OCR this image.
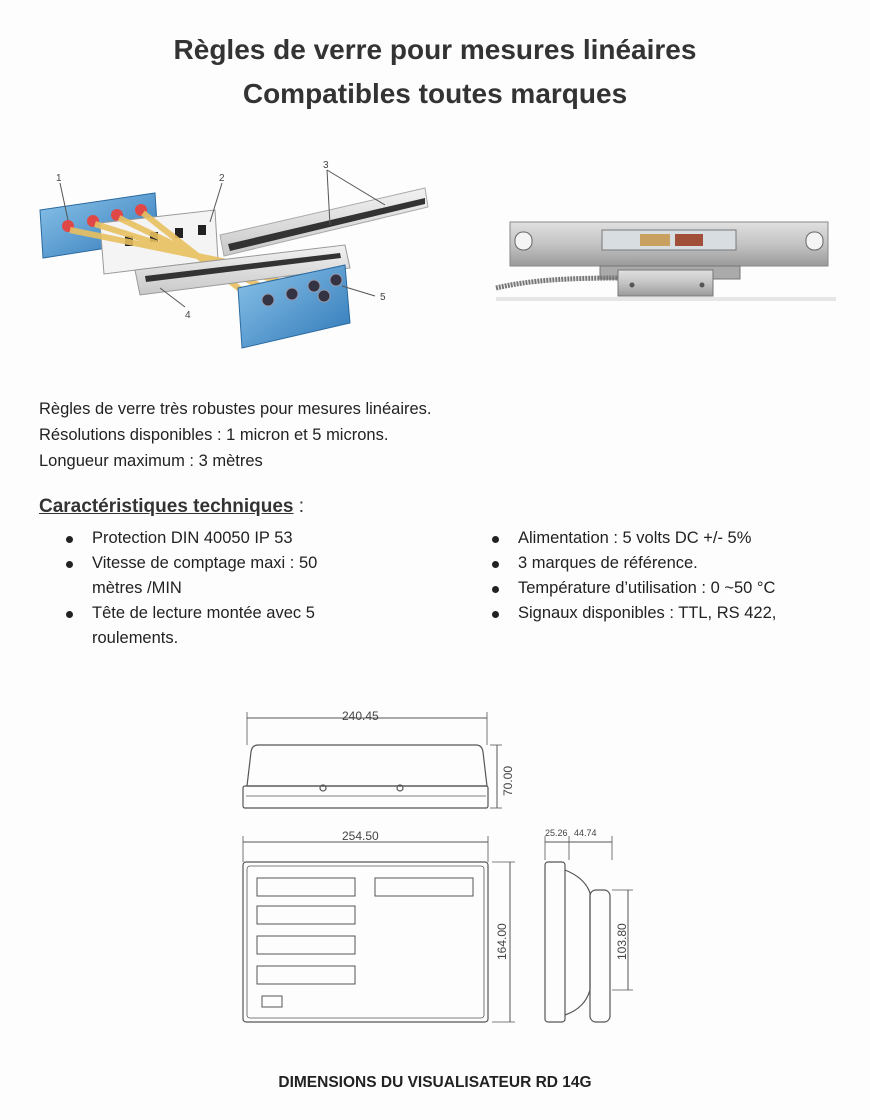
Règles de verre pour mesures linéaires
Compatibles toutes marques
1	2
3
4
5
240.45
70.00
254.50
164.00
25.26 44.74
103.80
Règles de verre très robustes pour mesures linéaires.
Résolutions disponibles : 1 micron et 5 microns.
Longueur maximum : 3 mètres
Caractéristiques techniques :
Protection DIN 40050 IP 53
Vitesse de comptage maxi : 50 mètres /MIN
Tête de lecture montée avec 5 roulements.
Alimentation : 5 volts DC +/- 5%
3 marques de référence.
Température d’utilisation : 0 ~50 °C
Signaux disponibles : TTL, RS 422,
DIMENSIONS DU VISUALISATEUR RD 14G
